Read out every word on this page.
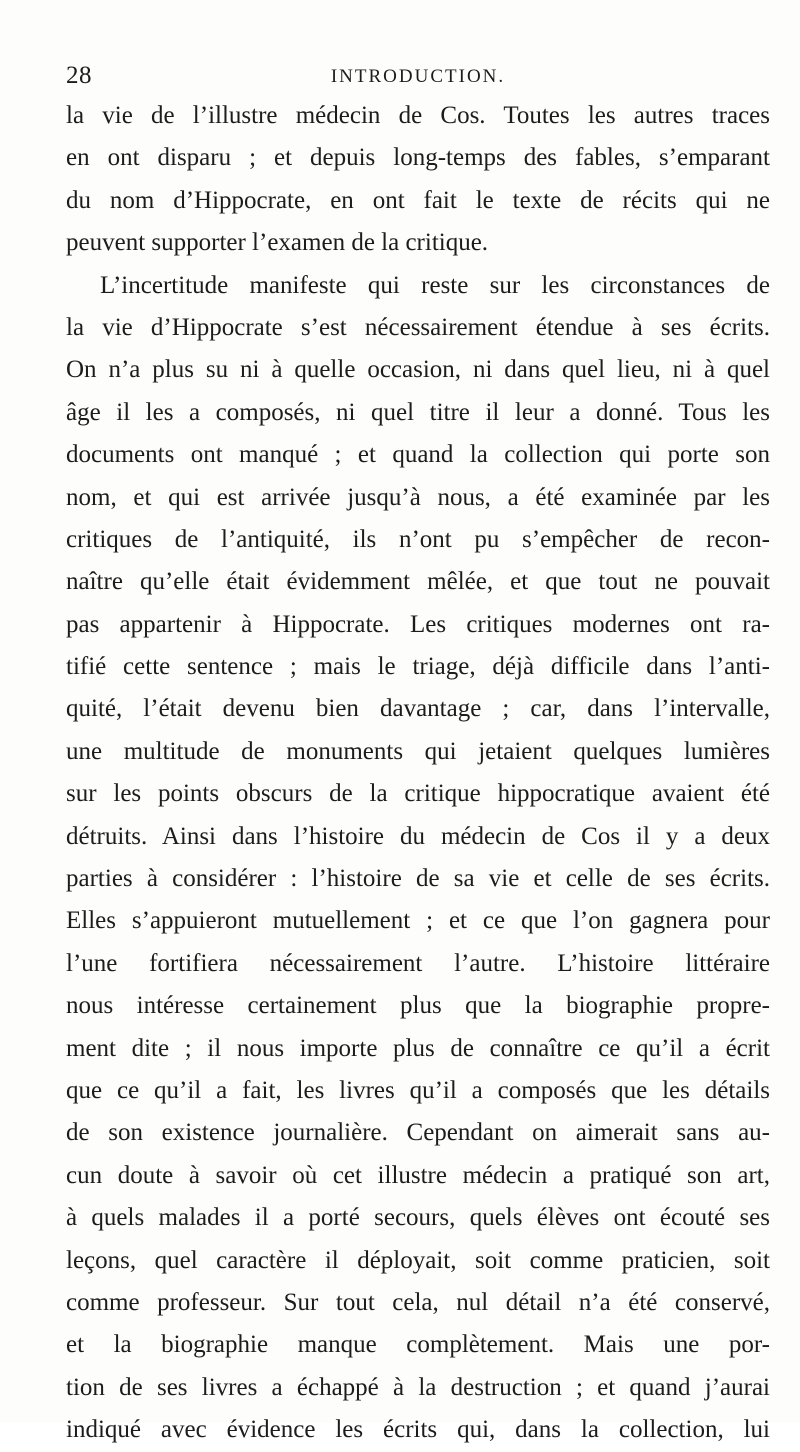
28	INTRODUCTION.
la vie de l’illustre médecin de Cos. Toutes les autres traces
en ont disparu ; et depuis long-temps des fables, s’emparant
du nom d’Hippocrate, en ont fait le texte de récits qui ne
peuvent supporter l’examen de la critique.
L’incertitude manifeste qui reste sur les circonstances de
la vie d’Hippocrate s’est nécessairement étendue à ses écrits.
On n’a plus su ni à quelle occasion, ni dans quel lieu, ni à quel
âge il les a composés, ni quel titre il leur a donné. Tous les
documents ont manqué ; et quand la collection qui porte son
nom, et qui est arrivée jusqu’à nous, a été examinée par les
critiques de l’antiquité, ils n’ont pu s’empêcher de recon-
naître qu’elle était évidemment mêlée, et que tout ne pouvait
pas appartenir à Hippocrate. Les critiques modernes ont ra-
tifié cette sentence ; mais le triage, déjà difficile dans l’anti-
quité, l’était devenu bien davantage ; car, dans l’intervalle,
une multitude de monuments qui jetaient quelques lumières
sur les points obscurs de la critique hippocratique avaient été
détruits. Ainsi dans l’histoire du médecin de Cos il y a deux
parties à considérer : l’histoire de sa vie et celle de ses écrits.
Elles s’appuieront mutuellement ; et ce que l’on gagnera pour
l’une fortifiera nécessairement l’autre. L’histoire littéraire
nous intéresse certainement plus que la biographie propre-
ment dite ; il nous importe plus de connaître ce qu’il a écrit
que ce qu’il a fait, les livres qu’il a composés que les détails
de son existence journalière. Cependant on aimerait sans au-
cun doute à savoir où cet illustre médecin a pratiqué son art,
à quels malades il a porté secours, quels élèves ont écouté ses
leçons, quel caractère il déployait, soit comme praticien, soit
comme professeur. Sur tout cela, nul détail n’a été conservé,
et la biographie manque complètement. Mais une por-
tion de ses livres a échappé à la destruction ; et quand j’aurai
indiqué avec évidence les écrits qui, dans la collection, lui
